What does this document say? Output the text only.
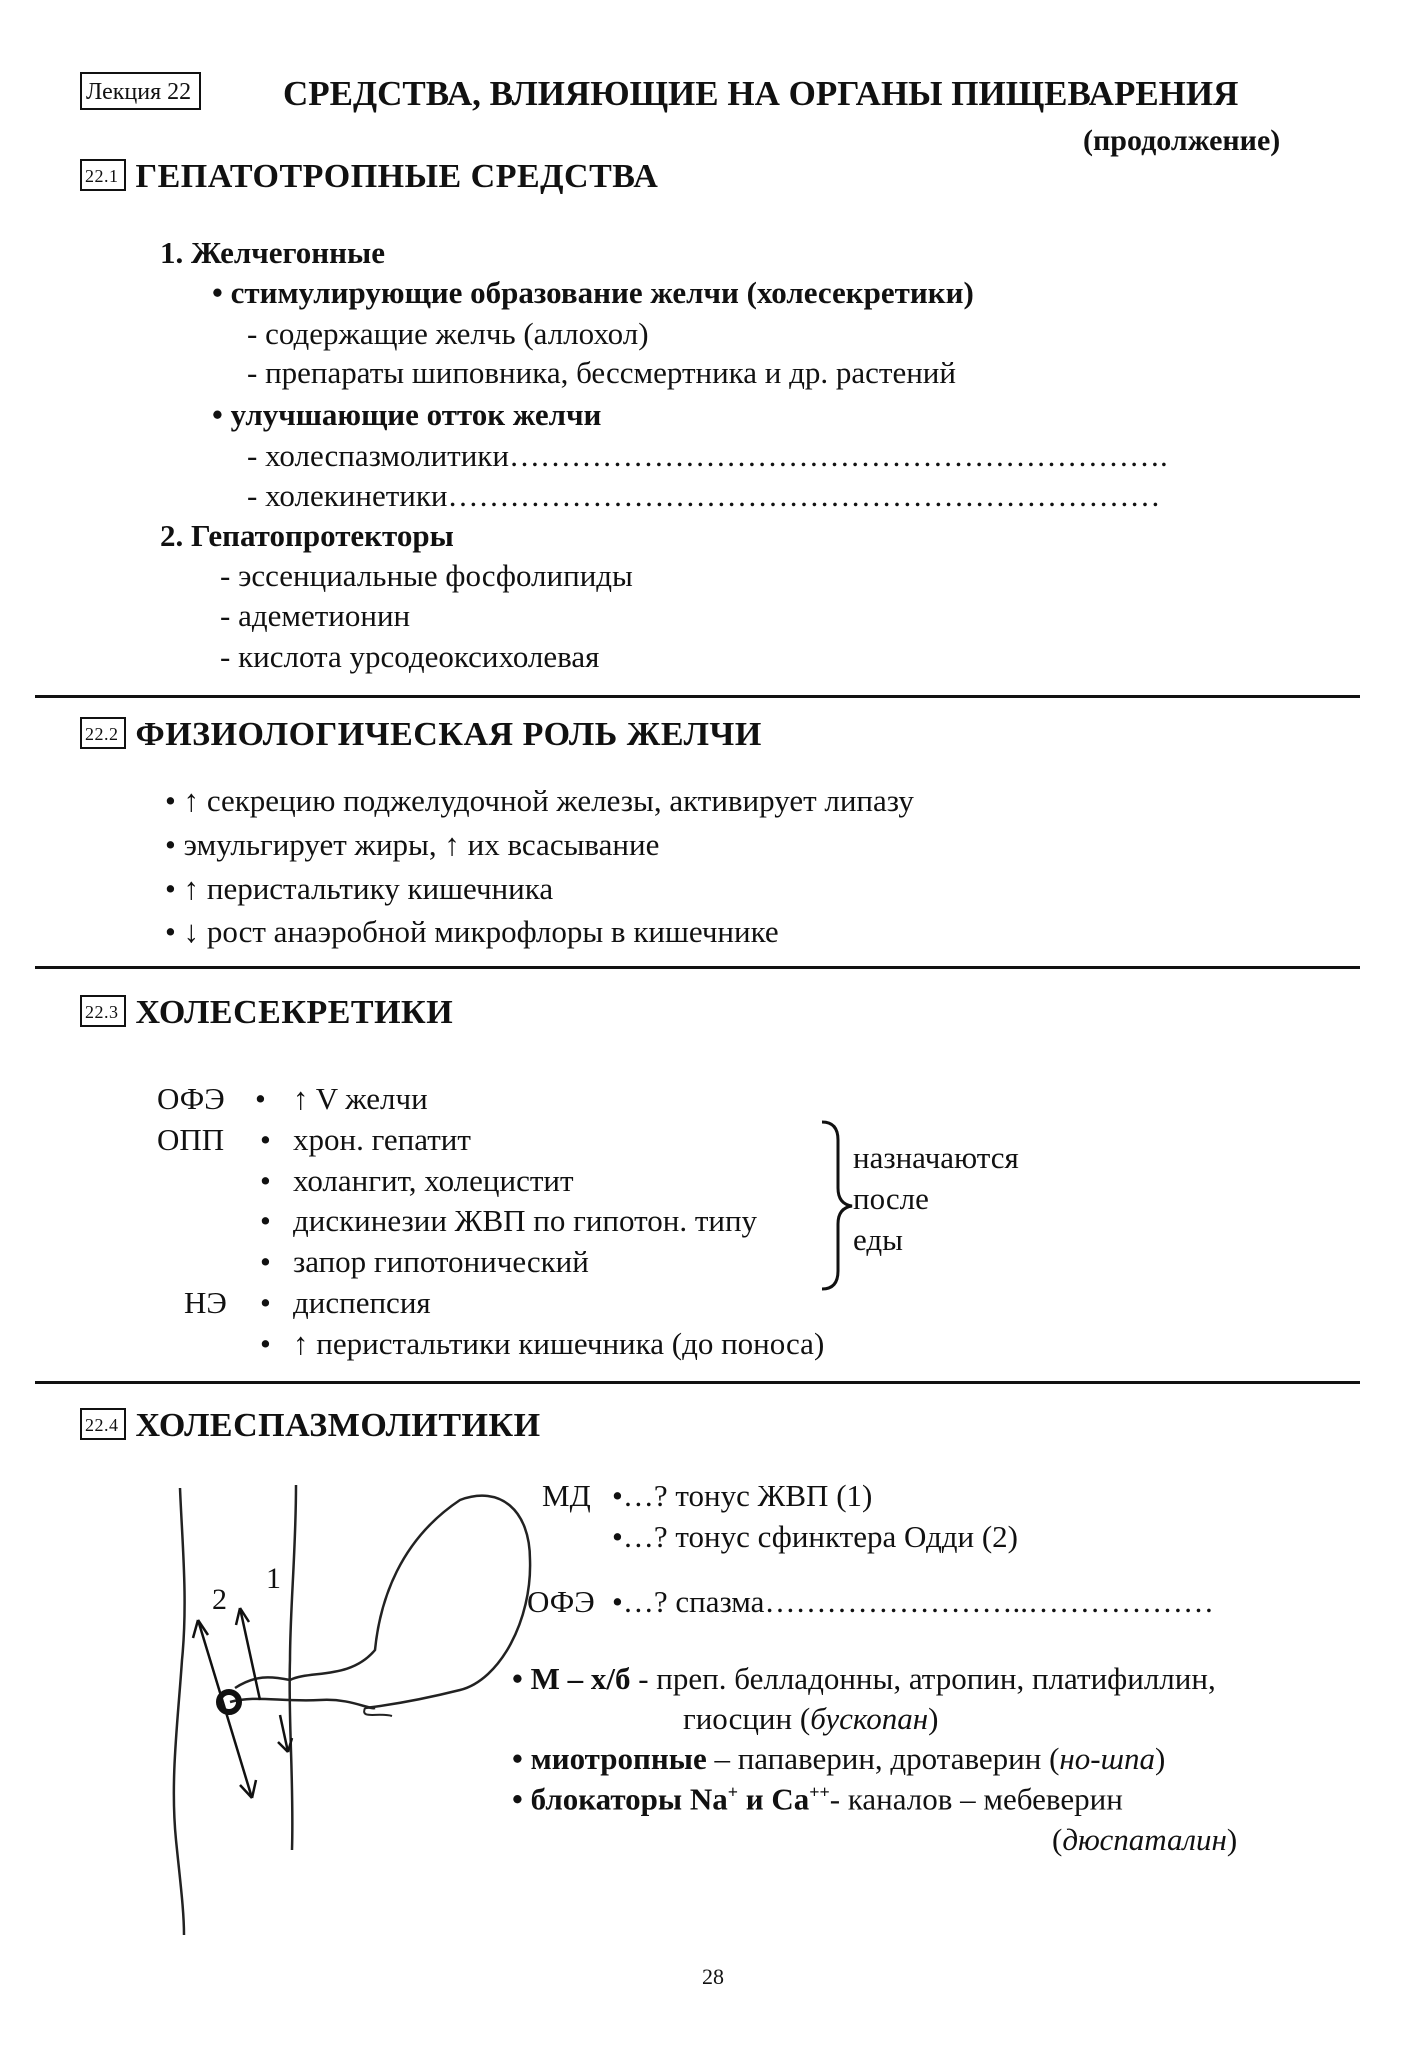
Лекция 22	СРЕДСТВА, ВЛИЯЮЩИЕ НА ОРГАНЫ ПИЩЕВАРЕНИЯ
(продолжение)
22.1 ГЕПАТОТРОПНЫЕ СРЕДСТВА
1. Желчегонные
• стимулирующие образование желчи (холесекретики)
- содержащие желчь (аллохол)
- препараты шиповника, бессмертника и др. растений
• улучшающие отток желчи
- холеспазмолитики……………………………………………………….
- холекинетики……………………………………………………………
2. Гепатопротекторы
- эссенциальные фосфолипиды
- адеметионин
- кислота урсодеоксихолевая
22.2 ФИЗИОЛОГИЧЕСКАЯ РОЛЬ ЖЕЛЧИ
• ↑ секрецию поджелудочной железы, активирует липазу
• эмульгирует жиры, ↑ их всасывание
• ↑ перистальтику кишечника
• ↓ рост анаэробной микрофлоры в кишечнике
22.3 ХОЛЕСЕКРЕТИКИ
ОФЭ
ОПП
НЭ
•
•
•
•
•
•
•
↑ V желчи
хрон. гепатит
холангит, холецистит
дискинезии ЖВП по гипотон. типу
запор гипотонический
диспепсия
↑ перистальтики кишечника (до поноса)
назначаются
после
еды
22.4 ХОЛЕСПАЗМОЛИТИКИ
1
2
МД •…? тонус ЖВП (1)
•…? тонус сфинктера Одди (2)
ОФЭ •…? спазма……………………..………………
• М – х/б - преп. белладонны, атропин, платифиллин,
гиосцин (бускопан)
• миотропные – папаверин, дротаверин (но-шпа)
• блокаторы Na+ и Ca++- каналов – мебеверин
(дюспаталин)
28
